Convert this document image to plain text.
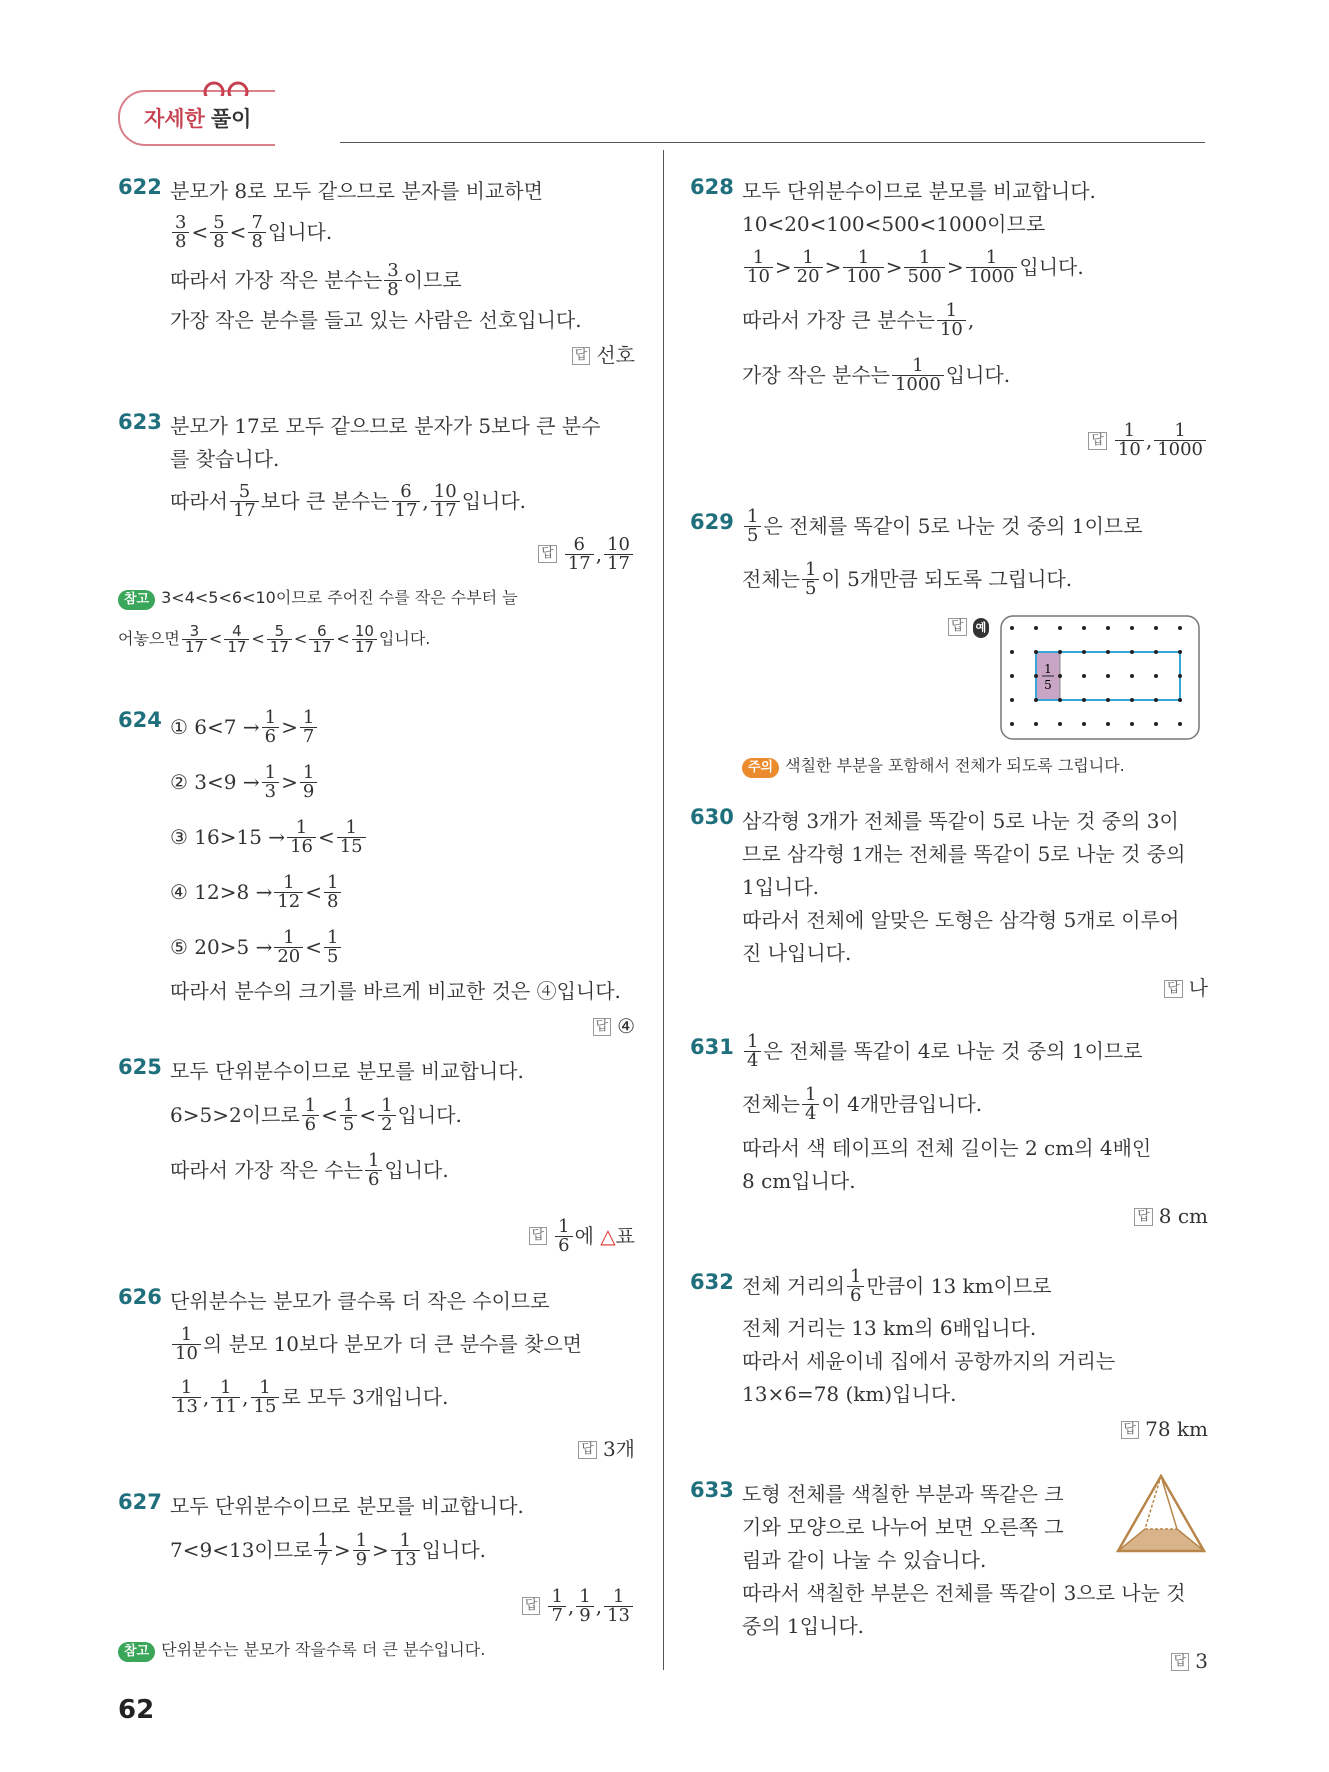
자세한 풀이
622 분모가 8로 모두 같으므로 분자를 비교하면
$\frac{3}{8} < \frac{5}{8} < \frac{7}{8}$ 입니다.
따라서 가장 작은 분수는 $\frac{3}{8}$ 이므로
가장 작은 분수를 들고 있는 사람은 선호입니다.
답 선호
623 분모가 17로 모두 같으므로 분자가 5보다 큰 분수
를 찾습니다.
따라서 $\frac{5}{17}$ 보다 큰 분수는 $\frac{6}{17}$ , $\frac{10}{17}$ 입니다.
답 $\frac{6}{17}$ , $\frac{10}{17}$
참고 3<4<5<6<10이므로 주어진 수를 작은 수부터 늘
어놓으면 $\frac{3}{17} < \frac{4}{17} < \frac{5}{17} < \frac{6}{17} < \frac{10}{17}$ 입니다.
624 ① $6<7 \to \frac{1}{6} > \frac{1}{7}$
② $3<9 \to \frac{1}{3} > \frac{1}{9}$
③ $16>15 \to \frac{1}{16} < \frac{1}{15}$
④ $12>8 \to \frac{1}{12} < \frac{1}{8}$
⑤ $20>5 \to \frac{1}{20} < \frac{1}{5}$
따라서 분수의 크기를 바르게 비교한 것은 ④입니다.
답 ④
625 모두 단위분수이므로 분모를 비교합니다.
6>5>2이므로 $\frac{1}{6} < \frac{1}{5} < \frac{1}{2}$ 입니다.
따라서 가장 작은 수는 $\frac{1}{6}$ 입니다.
답 $\frac{1}{6}$ 에
△ 표
626 단위분수는 분모가 클수록 더 작은 수이므로
$\frac{1}{10}$ 의 분모 10보다 분모가 더 큰 분수를 찾으면
$\frac{1}{13}$ , $\frac{1}{11}$ , $\frac{1}{15}$ 로 모두 3개입니다.
답 3개
627 모두 단위분수이므로 분모를 비교합니다.
7<9<13이므로 $\frac{1}{7} > \frac{1}{9} > \frac{1}{13}$ 입니다.
답 $\frac{1}{7}$ , $\frac{1}{9}$ , $\frac{1}{13}$
참고 단위분수는 분모가 작을수록 더 큰 분수입니다.
628 모두 단위분수이므로 분모를 비교합니다.
10<20<100<500<1000이므로
$\frac{1}{10} > \frac{1}{20} > \frac{1}{100} > \frac{1}{500} > \frac{1}{1000}$ 입니다.
따라서 가장 큰 분수는 $\frac{1}{10}$ ,
가장 작은 분수는 $\frac{1}{1000}$ 입니다.
답 $\frac{1}{10}$ , $\frac{1}{1000}$
$629 \frac{1}{5}$ 은 전체를 똑같이 5로 나눈 것 중의 1이므로
전체는 $\frac{1}{5}$ 이 5개만큼 되도록 그립니다.
답 예
1
5
주의 색칠한 부분을 포함해서 전체가 되도록 그립니다.
630 삼각형 3개가 전체를 똑같이 5로 나눈 것 중의 3이
므로 삼각형 1개는 전체를 똑같이 5로 나눈 것 중의
1입니다.
따라서 전체에 알맞은 도형은 삼각형 5개로 이루어
진 나입니다.
답 나
$631 \frac{1}{4}$ 은 전체를 똑같이 4로 나눈 것 중의 1이므로
전체는 $\frac{1}{4}$ 이 4개만큼입니다.
따라서 색 테이프의 전체 길이는 2 cm의 4배인
8 cm입니다.
답 8 cm
632 전체 거리의 $\frac{1}{6}$ 만큼이 13 km이므로
전체 거리는 13 km의 6배입니다.
따라서 세윤이네 집에서 공항까지의 거리는
13×6=78 (km)입니다.
답 78 km
633 도형 전체를 색칠한 부분과 똑같은 크
기와 모양으로 나누어 보면 오른쪽 그
림과 같이 나눌 수 있습니다.
따라서 색칠한 부분은 전체를 똑같이 3으로 나눈 것
중의 1입니다.
답 3
62
